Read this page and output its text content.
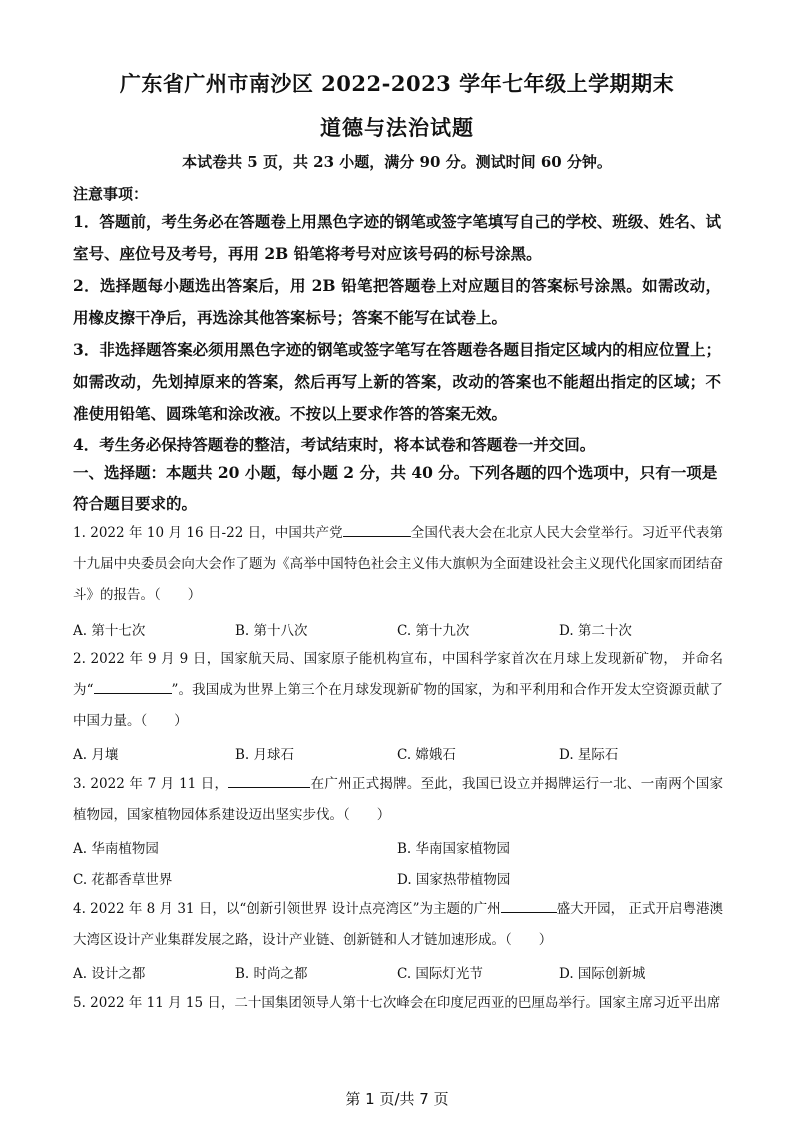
广东省广州市南沙区 2022-2023 学年七年级上学期期末
道德与法治试题
本试卷共 5 页，共 23 小题，满分 90 分。测试时间 60 分钟。
注意事项：
1．答题前，考生务必在答题卷上用黑色字迹的钢笔或签字笔填写自己的学校、班级、姓名、试室号、座位号及考号，再用 2B 铅笔将考号对应该号码的标号涂黑。
2．选择题每小题选出答案后，用 2B 铅笔把答题卷上对应题目的答案标号涂黑。如需改动，用橡皮擦干净后，再选涂其他答案标号；答案不能写在试卷上。
3．非选择题答案必须用黑色字迹的钢笔或签字笔写在答题卷各题目指定区域内的相应位置上；如需改动，先划掉原来的答案，然后再写上新的答案，改动的答案也不能超出指定的区域；不准使用铅笔、圆珠笔和涂改液。不按以上要求作答的答案无效。
4．考生务必保持答题卷的整洁，考试结束时，将本试卷和答题卷一并交回。
一、选择题：本题共 20 小题，每小题 2 分，共 40 分。下列各题的四个选项中，只有一项是符合题目要求的。
1. 2022 年 10 月 16 日-22 日，中国共产党	全国代表大会在北京人民大会堂举行。习近平代表第十九届中央委员会向大会作了题为《高举中国特色社会主义伟大旗帜为全面建设社会主义现代化国家而团结奋斗》的报告。（　　）
A. 第十七次	B. 第十八次	C. 第十九次	D. 第二十次
2. 2022 年 9 月 9 日，国家航天局、国家原子能机构宣布，中国科学家首次在月球上发现新矿物， 并命名为“	”。我国成为世界上第三个在月球发现新矿物的国家，为和平利用和合作开发太空资源贡献了中国力量。（　　）
A. 月壤	B. 月球石	C. 嫦娥石	D. 星际石
3. 2022 年 7 月 11 日，	在广州正式揭牌。至此，我国已设立并揭牌运行一北、一南两个国家植物园，国家植物园体系建设迈出坚实步伐。（　　）
A. 华南植物园	B. 华南国家植物园
C. 花都香草世界	D. 国家热带植物园
4. 2022 年 8 月 31 日，以“创新引领世界 设计点亮湾区”为主题的广州	盛大开园， 正式开启粤港澳大湾区设计产业集群发展之路，设计产业链、创新链和人才链加速形成。（　　）
A. 设计之都	B. 时尚之都	C. 国际灯光节	D. 国际创新城
5. 2022 年 11 月 15 日，二十国集团领导人第十七次峰会在印度尼西亚的巴厘岛举行。国家主席习近平出席
第 1 页/共 7 页
